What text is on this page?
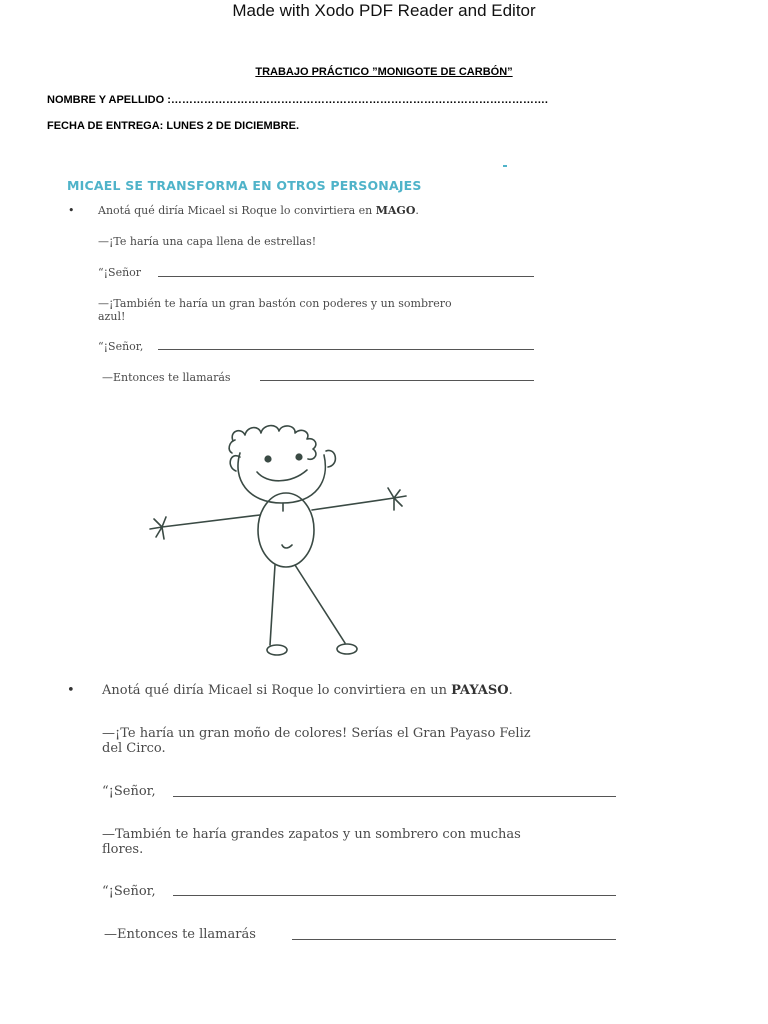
Made with Xodo PDF Reader and Editor
TRABAJO PRÁCTICO ”MONIGOTE DE CARBÓN”
NOMBRE Y APELLIDO :………………………………………………………………………………………….
FECHA DE ENTREGA: LUNES 2 DE DICIEMBRE.
MICAEL SE TRANSFORMA EN OTROS PERSONAJES
• Anotá qué diría Micael si Roque lo convirtiera en MAGO.
—¡Te haría una capa llena de estrellas!
“¡Señor
—¡También te haría un gran bastón con poderes y un sombrero
azul!
“¡Señor,
—Entonces te llamarás
• Anotá qué diría Micael si Roque lo convirtiera en un PAYASO.
—¡Te haría un gran moño de colores! Serías el Gran Payaso Feliz
del Circo.
“¡Señor,
—También te haría grandes zapatos y un sombrero con muchas
flores.
“¡Señor,
—Entonces te llamarás
